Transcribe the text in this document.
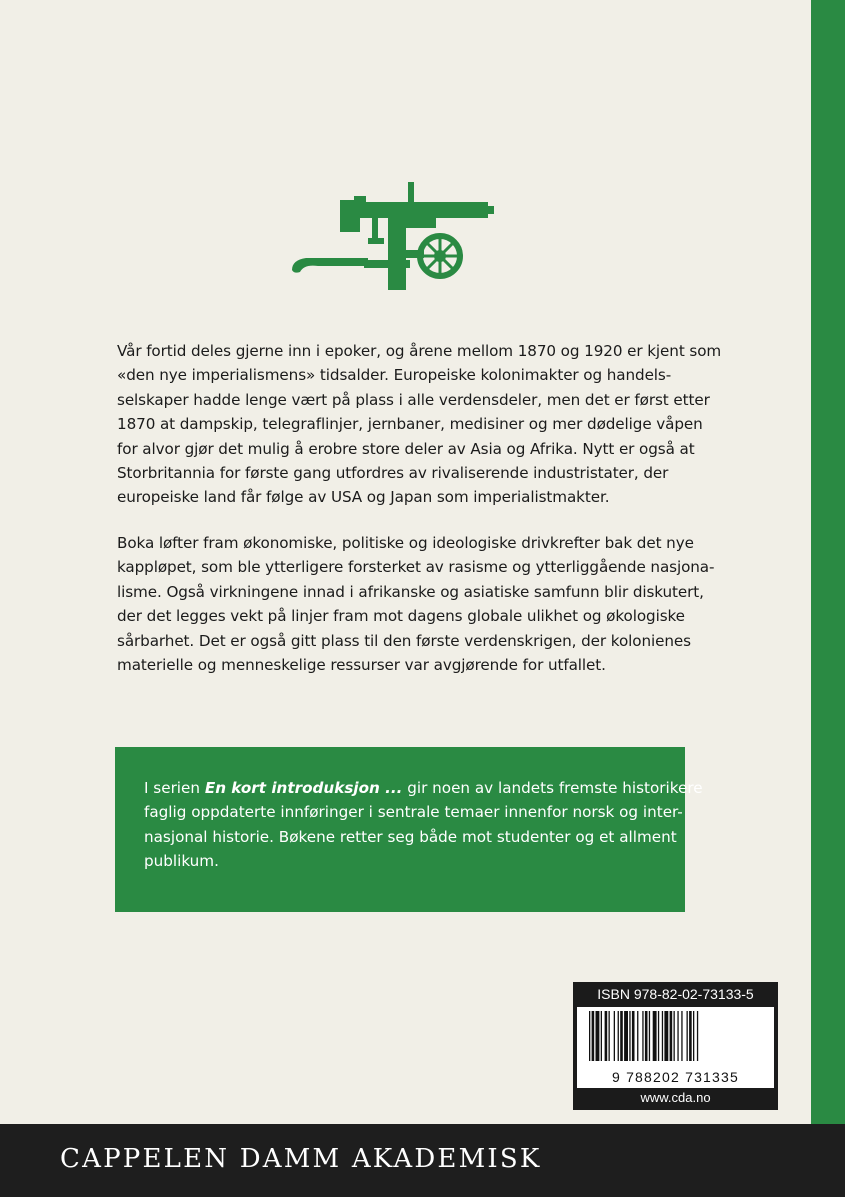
Vår fortid deles gjerne inn i epoker, og årene mellom 1870 og 1920 er kjent som
«den nye imperialismens» tidsalder. Europeiske kolonimakter og handels-
selskaper hadde lenge vært på plass i alle verdensdeler, men det er først etter
1870 at dampskip, telegraflinjer, jernbaner, medisiner og mer dødelige våpen
for alvor gjør det mulig å erobre store deler av Asia og Afrika. Nytt er også at
Storbritannia for første gang utfordres av rivaliserende industristater, der
europeiske land får følge av USA og Japan som imperialistmakter.

Boka løfter fram økonomiske, politiske og ideologiske drivkrefter bak det nye
kappløpet, som ble ytterligere forsterket av rasisme og ytterliggående nasjona-
lisme. Også virkningene innad i afrikanske og asiatiske samfunn blir diskutert,
der det legges vekt på linjer fram mot dagens globale ulikhet og økologiske
sårbarhet. Det er også gitt plass til den første verdenskrigen, der kolonienes
materielle og menneskelige ressurser var avgjørende for utfallet.

I serien En kort introduksjon ... gir noen av landets fremste historikere
faglig oppdaterte innføringer i sentrale temaer innenfor norsk og inter-
nasjonal historie. Bøkene retter seg både mot studenter og et allment
publikum.
ISBN 978-82-02-73133-5
9 788202 731335
www.cda.no
CAPPELEN DAMM AKADEMISK
